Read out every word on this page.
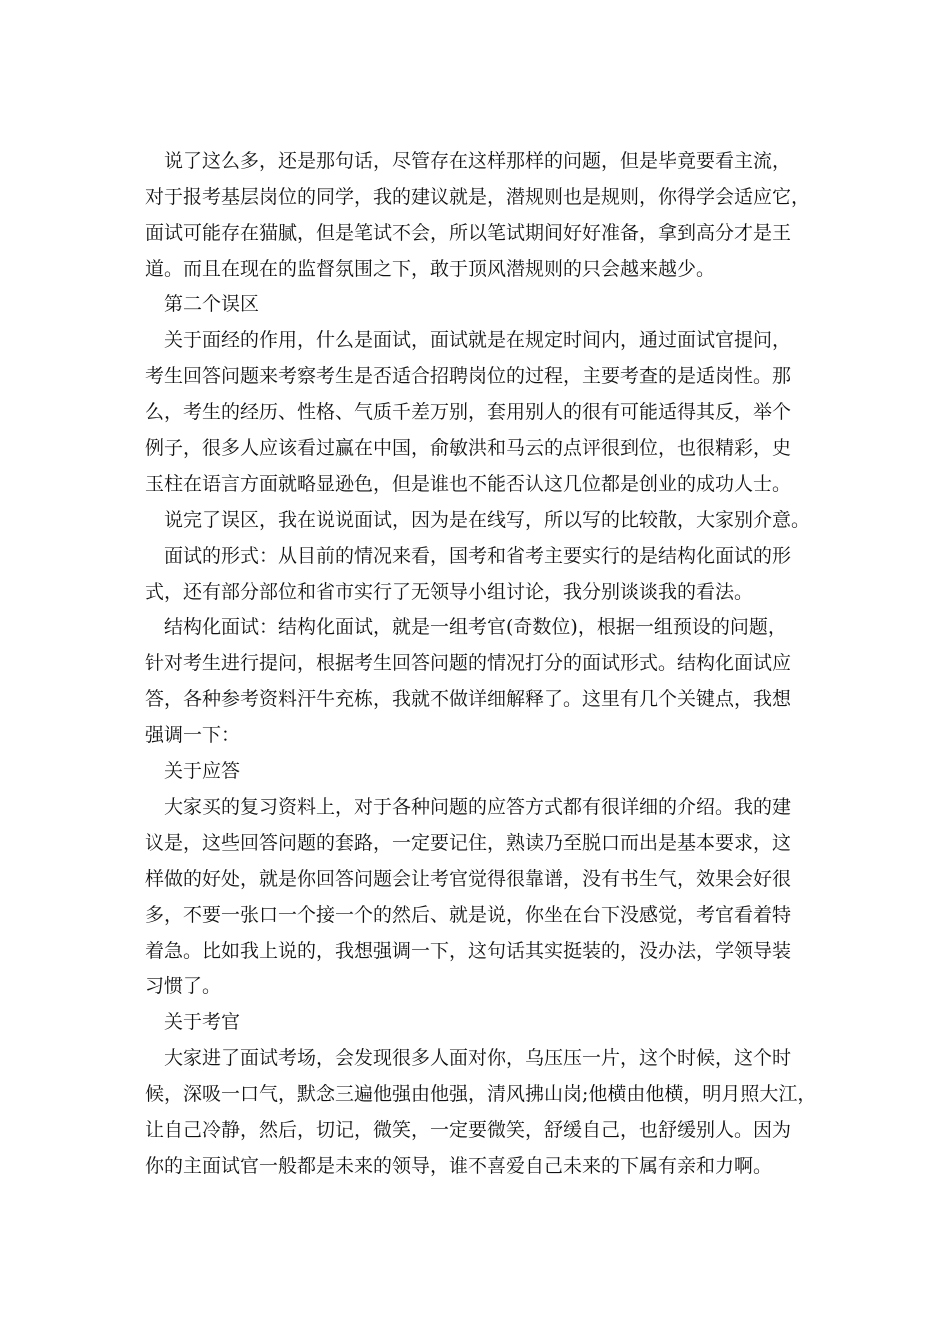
说了这么多，还是那句话，尽管存在这样那样的问题，但是毕竟要看主流，
对于报考基层岗位的同学，我的建议就是，潜规则也是规则，你得学会适应它，
面试可能存在猫腻，但是笔试不会，所以笔试期间好好准备，拿到高分才是王
道。而且在现在的监督氛围之下，敢于顶风潜规则的只会越来越少。
第二个误区
关于面经的作用，什么是面试，面试就是在规定时间内，通过面试官提问，
考生回答问题来考察考生是否适合招聘岗位的过程，主要考查的是适岗性。那
么，考生的经历、性格、气质千差万别，套用别人的很有可能适得其反，举个
例子，很多人应该看过赢在中国，俞敏洪和马云的点评很到位，也很精彩，史
玉柱在语言方面就略显逊色，但是谁也不能否认这几位都是创业的成功人士。
说完了误区，我在说说面试，因为是在线写，所以写的比较散，大家别介意。
面试的形式：从目前的情况来看，国考和省考主要实行的是结构化面试的形
式，还有部分部位和省市实行了无领导小组讨论，我分别谈谈我的看法。
结构化面试：结构化面试，就是一组考官(奇数位)，根据一组预设的问题，
针对考生进行提问，根据考生回答问题的情况打分的面试形式。结构化面试应
答，各种参考资料汗牛充栋，我就不做详细解释了。这里有几个关键点，我想
强调一下：
关于应答
大家买的复习资料上，对于各种问题的应答方式都有很详细的介绍。我的建
议是，这些回答问题的套路，一定要记住，熟读乃至脱口而出是基本要求，这
样做的好处，就是你回答问题会让考官觉得很靠谱，没有书生气，效果会好很
多，不要一张口一个接一个的然后、就是说，你坐在台下没感觉，考官看着特
着急。比如我上说的，我想强调一下，这句话其实挺装的，没办法，学领导装
习惯了。
关于考官
大家进了面试考场，会发现很多人面对你，乌压压一片，这个时候，这个时
候，深吸一口气，默念三遍他强由他强，清风拂山岗;他横由他横，明月照大江，
让自己冷静，然后，切记，微笑，一定要微笑，舒缓自己，也舒缓别人。因为
你的主面试官一般都是未来的领导，谁不喜爱自己未来的下属有亲和力啊。
